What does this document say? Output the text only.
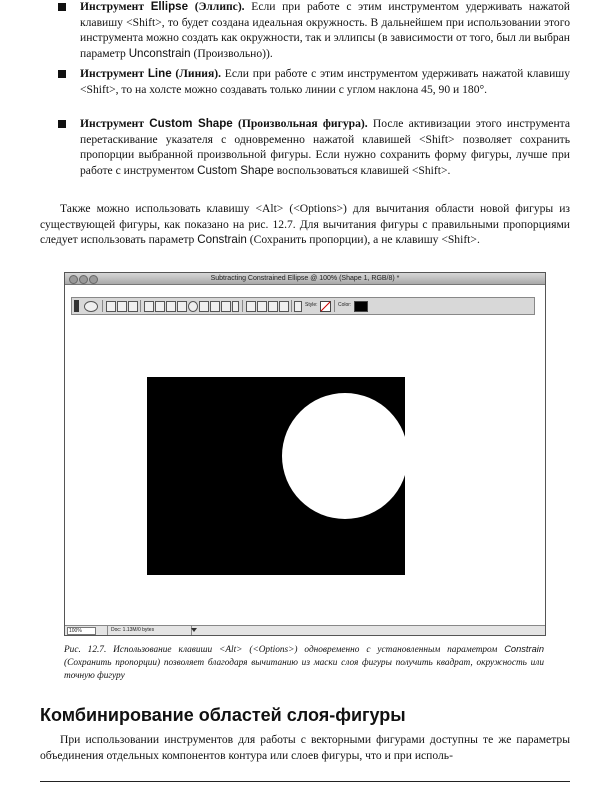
Инструмент Ellipse (Эллипс). Если при работе с этим инструментом удерживать нажатой клавишу <Shift>, то будет создана идеальная окружность. В дальнейшем при использовании этого инструмента можно создать как окружности, так и эллипсы (в зависимости от того, был ли выбран параметр Unconstrain (Произвольно)).
Инструмент Line (Линия). Если при работе с этим инструментом удерживать нажатой клавишу <Shift>, то на холсте можно создавать только линии с углом наклона 45, 90 и 180°.
Инструмент Custom Shape (Произвольная фигура). После активизации этого инструмента перетаскивание указателя с одновременно нажатой клавишей <Shift> позволяет сохранить пропорции выбранной произвольной фигуры. Если нужно сохранить форму фигуры, лучше при работе с инструментом Custom Shape воспользоваться клавишей <Shift>.
Также можно использовать клавишу <Alt> (<Options>) для вычитания области новой фигуры из существующей фигуры, как показано на рис. 12.7. Для вычитания фигуры с правильными пропорциями следует использовать параметр Constrain (Сохранить пропорции), а не клавишу <Shift>.
Subtracting Constrained Ellipse @ 100% (Shape 1, RGB/8) *
Style:	Color:
100%	Doc: 1.13M/0 bytes
Рис. 12.7. Использование клавиши <Alt> (<Options>) одновременно с установленным параметром Constrain (Сохранить пропорции) позволяет благодаря вычитанию из маски слоя фигуры получить квадрат, окружность или точную фигуру
Комбинирование областей слоя-фигуры
При использовании инструментов для работы с векторными фигурами доступны те же параметры объединения отдельных компонентов контура или слоев фигуры, что и при исполь-
